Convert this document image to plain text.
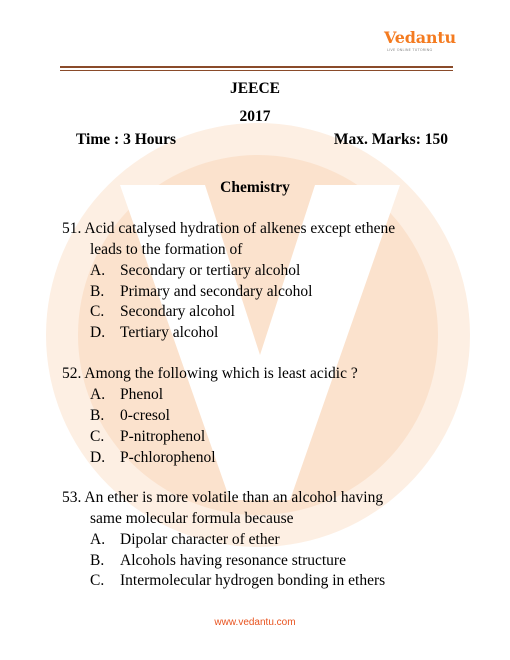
Vedantu
LIVE ONLINE TUTORING
JEECE
2017
Time : 3 Hours	Max. Marks: 150
Chemistry
51. Acid catalysed hydration of alkenes except ethene
leads to the formation of
A. Secondary or tertiary alcohol
B. Primary and secondary alcohol
C. Secondary alcohol
D. Tertiary alcohol
52. Among the following which is least acidic ?
A. Phenol
B. 0-cresol
C. P-nitrophenol
D. P-chlorophenol
53. An ether is more volatile than an alcohol having
same molecular formula because
A. Dipolar character of ether
B. Alcohols having resonance structure
C. Intermolecular hydrogen bonding in ethers
www.vedantu.com
